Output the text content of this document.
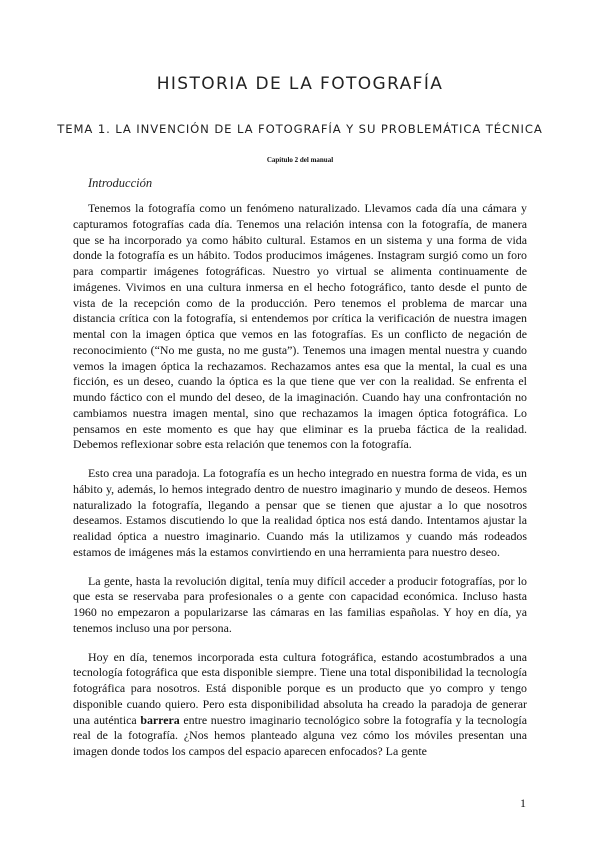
HISTORIA DE LA FOTOGRAFÍA
TEMA 1. LA INVENCIÓN DE LA FOTOGRAFÍA Y SU PROBLEMÁTICA TÉCNICA
Capítulo 2 del manual
Introducción

Tenemos la fotografía como un fenómeno naturalizado. Llevamos cada día una cámara y capturamos fotografías cada día. Tenemos una relación intensa con la fotografía, de manera que se ha incorporado ya como hábito cultural. Estamos en un sistema y una forma de vida donde la fotografía es un hábito. Todos producimos imágenes. Instagram surgió como un foro para compartir imágenes fotográficas. Nuestro yo virtual se alimenta continuamente de imágenes. Vivimos en una cultura inmersa en el hecho fotográfico, tanto desde el punto de vista de la recepción como de la producción. Pero tenemos el problema de marcar una distancia crítica con la fotografía, si entendemos por crítica la verificación de nuestra imagen mental con la imagen óptica que vemos en las fotografías. Es un conflicto de negación de reconocimiento (“No me gusta, no me gusta”). Tenemos una imagen mental nuestra y cuando vemos la imagen óptica la rechazamos. Rechazamos antes esa que la mental, la cual es una ficción, es un deseo, cuando la óptica es la que tiene que ver con la realidad. Se enfrenta el mundo fáctico con el mundo del deseo, de la imaginación. Cuando hay una confrontación no cambiamos nuestra imagen mental, sino que rechazamos la imagen óptica fotográfica. Lo pensamos en este momento es que hay que eliminar es la prueba fáctica de la realidad. Debemos reflexionar sobre esta relación que tenemos con la fotografía.

Esto crea una paradoja. La fotografía es un hecho integrado en nuestra forma de vida, es un hábito y, además, lo hemos integrado dentro de nuestro imaginario y mundo de deseos. Hemos naturalizado la fotografía, llegando a pensar que se tienen que ajustar a lo que nosotros deseamos. Estamos discutiendo lo que la realidad óptica nos está dando. Intentamos ajustar la realidad óptica a nuestro imaginario. Cuando más la utilizamos y cuando más rodeados estamos de imágenes más la estamos convirtiendo en una herramienta para nuestro deseo.

La gente, hasta la revolución digital, tenía muy difícil acceder a producir fotografías, por lo que esta se reservaba para profesionales o a gente con capacidad económica. Incluso hasta 1960 no empezaron a popularizarse las cámaras en las familias españolas. Y hoy en día, ya tenemos incluso una por persona.

Hoy en día, tenemos incorporada esta cultura fotográfica, estando acostumbrados a una tecnología fotográfica que esta disponible siempre. Tiene una total disponibilidad la tecnología fotográfica para nosotros. Está disponible porque es un producto que yo compro y tengo disponible cuando quiero. Pero esta disponibilidad absoluta ha creado la paradoja de generar una auténtica barrera entre nuestro imaginario tecnológico sobre la fotografía y la tecnología real de la fotografía. ¿Nos hemos planteado alguna vez cómo los móviles presentan una imagen donde todos los campos del espacio aparecen enfocados? La gente

1
